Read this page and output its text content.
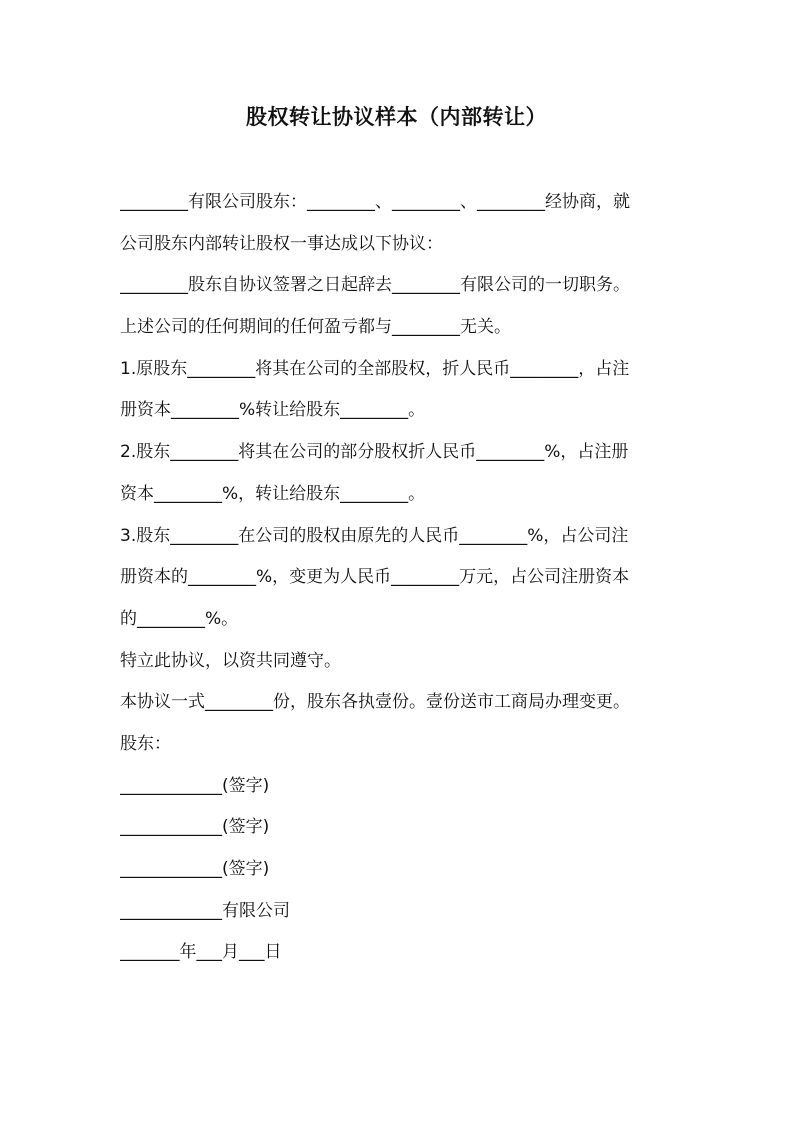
股权转让协议样本（内部转让）

________有限公司股东：________、________、________经协商，就

公司股东内部转让股权一事达成以下协议：

________股东自协议签署之日起辞去________有限公司的一切职务。

上述公司的任何期间的任何盈亏都与________无关。

1.原股东________将其在公司的全部股权，折人民币________，占注

册资本________%转让给股东________。

2.股东________将其在公司的部分股权折人民币________%，占注册

资本________%，转让给股东________。

3.股东________在公司的股权由原先的人民币________%，占公司注

册资本的________%，变更为人民币________万元，占公司注册资本

的________%。

特立此协议，以资共同遵守。

本协议一式________份，股东各执壹份。壹份送市工商局办理变更。

股东：

____________(签字)

____________(签字)

____________(签字)

____________有限公司

_______年___月___日
